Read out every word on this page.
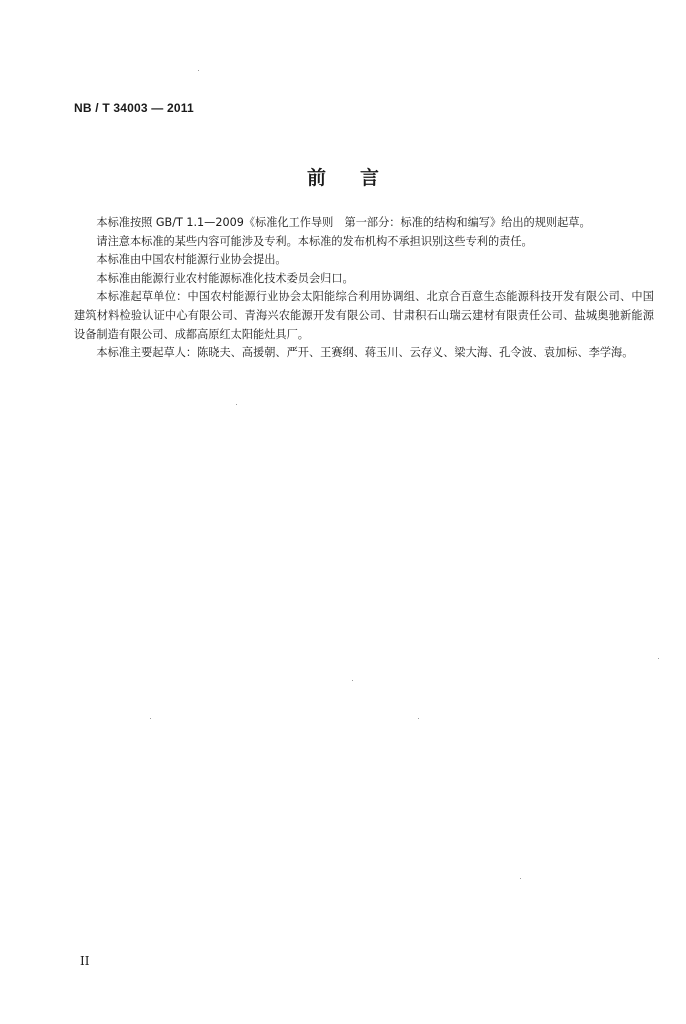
NB / T 34003 — 2011
前言

本标准按照 GB/T 1.1—2009《标准化工作导则　第一部分：标准的结构和编写》给出的规则起草。

请注意本标准的某些内容可能涉及专利。本标准的发布机构不承担识别这些专利的责任。

本标准由中国农村能源行业协会提出。

本标准由能源行业农村能源标准化技术委员会归口。

本标准起草单位：中国农村能源行业协会太阳能综合利用协调组、北京合百意生态能源科技开发有限公司、中国建筑材料检验认证中心有限公司、青海兴农能源开发有限公司、甘肃积石山瑞云建材有限责任公司、盐城奥驰新能源设备制造有限公司、成都高原红太阳能灶具厂。

本标准主要起草人：陈晓夫、高援朝、严开、王赛纲、蒋玉川、云存义、梁大海、孔令波、袁加标、李学海。

II
